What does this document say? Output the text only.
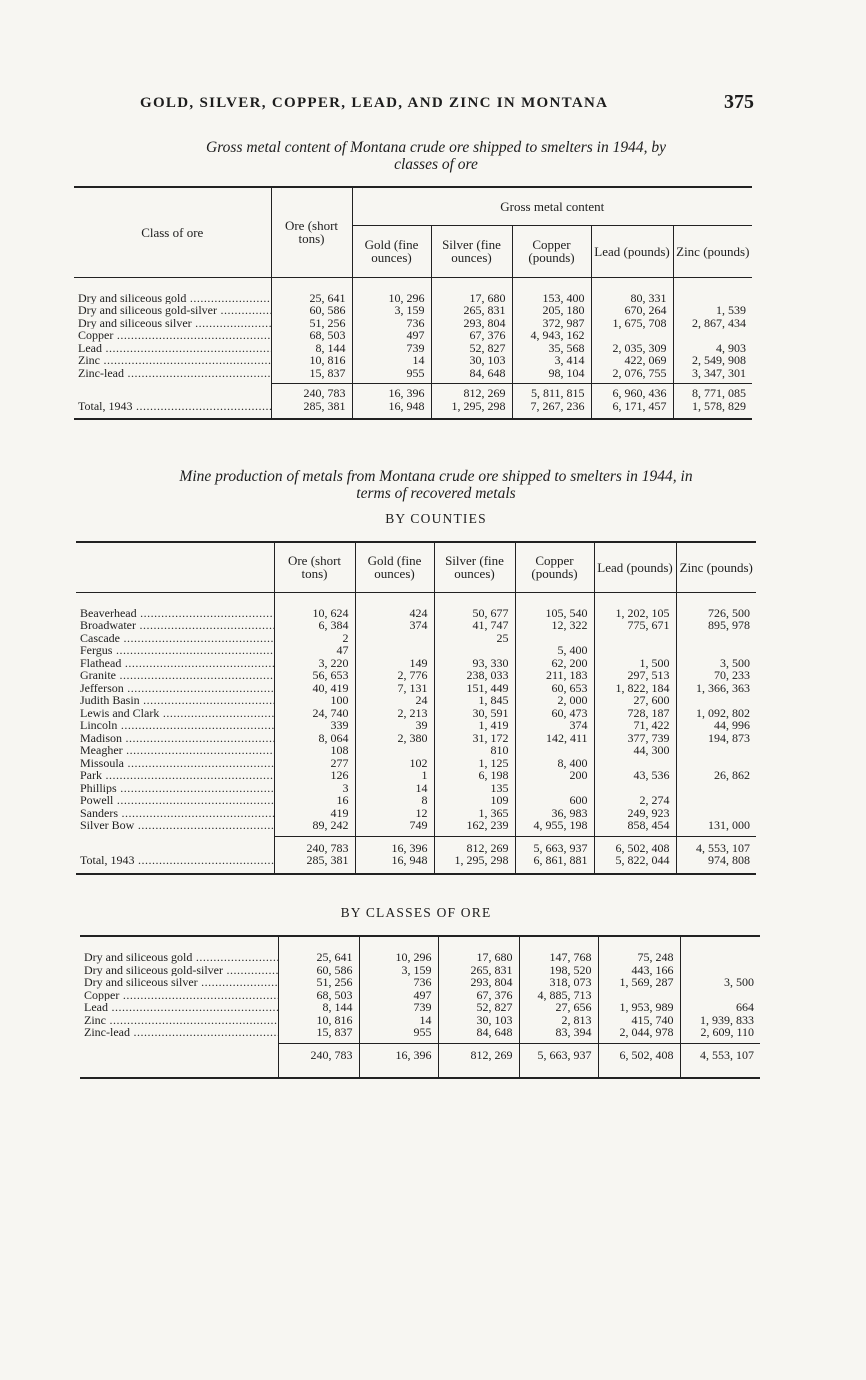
GOLD, SILVER, COPPER, LEAD, AND ZINC IN MONTANA	375
Gross metal content of Montana crude ore shipped to smelters in 1944, by
classes of ore
Class of ore	Ore (short tons)	Gross metal content				
		Gold (fine ounces)	Silver (fine ounces)	Copper (pounds)	Lead (pounds)	Zinc (pounds)

Dry and siliceous gold .....	25, 641	10, 296	17, 680	153, 400	80, 331	
Dry and siliceous gold-silver .....	60, 586	3, 159	265, 831	205, 180	670, 264	1, 539
Dry and siliceous silver .....	51, 256	736	293, 804	372, 987	1, 675, 708	2, 867, 434
Copper .....	68, 503	497	67, 376	4, 943, 162		
Lead .....	8, 144	739	52, 827	35, 568	2, 035, 309	4, 903
Zinc .....	10, 816	14	30, 103	3, 414	422, 069	2, 549, 908
Zinc-lead .....	15, 837	955	84, 648	98, 104	2, 076, 755	3, 347, 301

	240, 783	16, 396	812, 269	5, 811, 815	6, 960, 436	8, 771, 085
Total, 1943 .....	285, 381	16, 948	1, 295, 298	7, 267, 236	6, 171, 457	1, 578, 829

Mine production of metals from Montana crude ore shipped to smelters in 1944, in
terms of recovered metals
BY COUNTIES
	Ore (short tons)	Gold (fine ounces)	Silver (fine ounces)	Copper (pounds)	Lead (pounds)	Zinc (pounds)

Beaverhead .....	10, 624	424	50, 677	105, 540	1, 202, 105	726, 500
Broadwater .....	6, 384	374	41, 747	12, 322	775, 671	895, 978
Cascade .....	2		25			
Fergus .....	47			5, 400		
Flathead .....	3, 220	149	93, 330	62, 200	1, 500	3, 500
Granite .....	56, 653	2, 776	238, 033	211, 183	297, 513	70, 233
Jefferson .....	40, 419	7, 131	151, 449	60, 653	1, 822, 184	1, 366, 363
Judith Basin .....	100	24	1, 845	2, 000	27, 600	
Lewis and Clark .....	24, 740	2, 213	30, 591	60, 473	728, 187	1, 092, 802
Lincoln .....	339	39	1, 419	374	71, 422	44, 996
Madison .....	8, 064	2, 380	31, 172	142, 411	377, 739	194, 873
Meagher .....	108		810		44, 300	
Missoula .....	277	102	1, 125	8, 400		
Park .....	126	1	6, 198	200	43, 536	26, 862
Phillips .....	3	14	135			
Powell .....	16	8	109	600	2, 274	
Sanders .....	419	12	1, 365	36, 983	249, 923	
Silver Bow .....	89, 242	749	162, 239	4, 955, 198	858, 454	131, 000

	240, 783	16, 396	812, 269	5, 663, 937	6, 502, 408	4, 553, 107
Total, 1943 .....	285, 381	16, 948	1, 295, 298	6, 861, 881	5, 822, 044	974, 808

BY CLASSES OF ORE

Dry and siliceous gold .....	25, 641	10, 296	17, 680	147, 768	75, 248	
Dry and siliceous gold-silver .....	60, 586	3, 159	265, 831	198, 520	443, 166	
Dry and siliceous silver .....	51, 256	736	293, 804	318, 073	1, 569, 287	3, 500
Copper .....	68, 503	497	67, 376	4, 885, 713		
Lead .....	8, 144	739	52, 827	27, 656	1, 953, 989	664
Zinc .....	10, 816	14	30, 103	2, 813	415, 740	1, 939, 833
Zinc-lead .....	15, 837	955	84, 648	83, 394	2, 044, 978	2, 609, 110

	240, 783	16, 396	812, 269	5, 663, 937	6, 502, 408	4, 553, 107
